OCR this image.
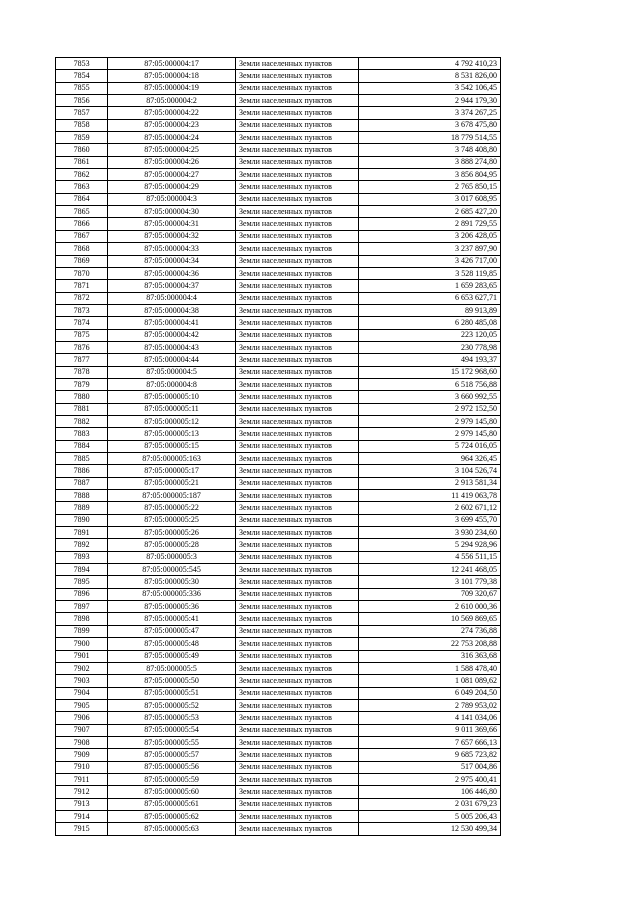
7853	87:05:000004:17	Земли населенных пунктов	4 792 410,23
7854	87:05:000004:18	Земли населенных пунктов	8 531 826,00
7855	87:05:000004:19	Земли населенных пунктов	3 542 106,45
7856	87:05:000004:2	Земли населенных пунктов	2 944 179,30
7857	87:05:000004:22	Земли населенных пунктов	3 374 267,25
7858	87:05:000004:23	Земли населенных пунктов	3 678 475,80
7859	87:05:000004:24	Земли населенных пунктов	18 779 514,55
7860	87:05:000004:25	Земли населенных пунктов	3 748 408,80
7861	87:05:000004:26	Земли населенных пунктов	3 888 274,80
7862	87:05:000004:27	Земли населенных пунктов	3 856 804,95
7863	87:05:000004:29	Земли населенных пунктов	2 765 850,15
7864	87:05:000004:3	Земли населенных пунктов	3 017 608,95
7865	87:05:000004:30	Земли населенных пунктов	2 685 427,20
7866	87:05:000004:31	Земли населенных пунктов	2 891 729,55
7867	87:05:000004:32	Земли населенных пунктов	3 206 428,05
7868	87:05:000004:33	Земли населенных пунктов	3 237 897,90
7869	87:05:000004:34	Земли населенных пунктов	3 426 717,00
7870	87:05:000004:36	Земли населенных пунктов	3 528 119,85
7871	87:05:000004:37	Земли населенных пунктов	1 659 283,65
7872	87:05:000004:4	Земли населенных пунктов	6 653 627,71
7873	87:05:000004:38	Земли населенных пунктов	89 913,89
7874	87:05:000004:41	Земли населенных пунктов	6 280 485,08
7875	87:05:000004:42	Земли населенных пунктов	223 120,05
7876	87:05:000004:43	Земли населенных пунктов	230 778,98
7877	87:05:000004:44	Земли населенных пунктов	494 193,37
7878	87:05:000004:5	Земли населенных пунктов	15 172 968,60
7879	87:05:000004:8	Земли населенных пунктов	6 518 756,88
7880	87:05:000005:10	Земли населенных пунктов	3 660 992,55
7881	87:05:000005:11	Земли населенных пунктов	2 972 152,50
7882	87:05:000005:12	Земли населенных пунктов	2 979 145,80
7883	87:05:000005:13	Земли населенных пунктов	2 979 145,80
7884	87:05:000005:15	Земли населенных пунктов	5 724 016,05
7885	87:05:000005:163	Земли населенных пунктов	964 326,45
7886	87:05:000005:17	Земли населенных пунктов	3 104 526,74
7887	87:05:000005:21	Земли населенных пунктов	2 913 581,34
7888	87:05:000005:187	Земли населенных пунктов	11 419 063,78
7889	87:05:000005:22	Земли населенных пунктов	2 602 671,12
7890	87:05:000005:25	Земли населенных пунктов	3 699 455,70
7891	87:05:000005:26	Земли населенных пунктов	3 930 234,60
7892	87:05:000005:28	Земли населенных пунктов	5 294 928,96
7893	87:05:000005:3	Земли населенных пунктов	4 556 511,15
7894	87:05:000005:545	Земли населенных пунктов	12 241 468,05
7895	87:05:000005:30	Земли населенных пунктов	3 101 779,38
7896	87:05:000005:336	Земли населенных пунктов	709 320,67
7897	87:05:000005:36	Земли населенных пунктов	2 610 000,36
7898	87:05:000005:41	Земли населенных пунктов	10 569 869,65
7899	87:05:000005:47	Земли населенных пунктов	274 736,88
7900	87:05:000005:48	Земли населенных пунктов	22 753 208,88
7901	87:05:000005:49	Земли населенных пунктов	316 363,68
7902	87:05:000005:5	Земли населенных пунктов	1 588 478,40
7903	87:05:000005:50	Земли населенных пунктов	1 081 089,62
7904	87:05:000005:51	Земли населенных пунктов	6 049 204,50
7905	87:05:000005:52	Земли населенных пунктов	2 789 953,02
7906	87:05:000005:53	Земли населенных пунктов	4 141 034,06
7907	87:05:000005:54	Земли населенных пунктов	9 011 369,66
7908	87:05:000005:55	Земли населенных пунктов	7 657 666,13
7909	87:05:000005:57	Земли населенных пунктов	9 685 723,82
7910	87:05:000005:56	Земли населенных пунктов	517 004,86
7911	87:05:000005:59	Земли населенных пунктов	2 975 400,41
7912	87:05:000005:60	Земли населенных пунктов	106 446,80
7913	87:05:000005:61	Земли населенных пунктов	2 031 679,23
7914	87:05:000005:62	Земли населенных пунктов	5 005 206,43
7915	87:05:000005:63	Земли населенных пунктов	12 530 499,34
